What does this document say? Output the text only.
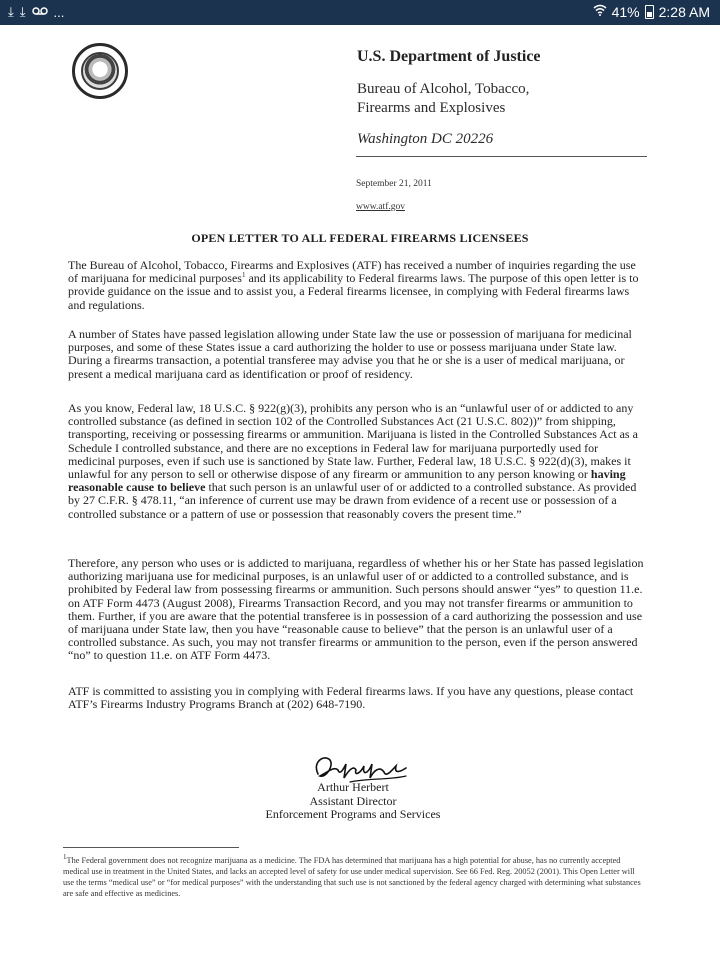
⤓ ⤓ ...	41% 2:28 AM
U.S. Department of Justice
Bureau of Alcohol, Tobacco,
Firearms and Explosives
Washington DC 20226
September 21, 2011
www.atf.gov
OPEN LETTER TO ALL FEDERAL FIREARMS LICENSEES

The Bureau of Alcohol, Tobacco, Firearms and Explosives (ATF) has received a number of inquiries regarding the use of marijuana for medicinal purposes$^1$ and its applicability to Federal firearms laws. The purpose of this open letter is to provide guidance on the issue and to assist you, a Federal firearms licensee, in complying with Federal firearms laws and regulations.

A number of States have passed legislation allowing under State law the use or possession of marijuana for medicinal purposes, and some of these States issue a card authorizing the holder to use or possess marijuana under State law. During a firearms transaction, a potential transferee may advise you that he or she is a user of medical marijuana, or present a medical marijuana card as identification or proof of residency.

As you know, Federal law, 18 U.S.C. § 922(g)(3), prohibits any person who is an “unlawful user of or addicted to any controlled substance (as defined in section 102 of the Controlled Substances Act (21 U.S.C. 802))” from shipping, transporting, receiving or possessing firearms or ammunition. Marijuana is listed in the Controlled Substances Act as a Schedule I controlled substance, and there are no exceptions in Federal law for marijuana purportedly used for medicinal purposes, even if such use is sanctioned by State law. Further, Federal law, 18 U.S.C. § 922(d)(3), makes it unlawful for any person to sell or otherwise dispose of any firearm or ammunition to any person knowing or having reasonable cause to believe that such person is an unlawful user of or addicted to a controlled substance. As provided by 27 C.F.R. § 478.11, “an inference of current use may be drawn from evidence of a recent use or possession of a controlled substance or a pattern of use or possession that reasonably covers the present time.”

Therefore, any person who uses or is addicted to marijuana, regardless of whether his or her State has passed legislation authorizing marijuana use for medicinal purposes, is an unlawful user of or addicted to a controlled substance, and is prohibited by Federal law from possessing firearms or ammunition. Such persons should answer “yes” to question 11.e. on ATF Form 4473 (August 2008), Firearms Transaction Record, and you may not transfer firearms or ammunition to them. Further, if you are aware that the potential transferee is in possession of a card authorizing the possession and use of marijuana under State law, then you have “reasonable cause to believe” that the person is an unlawful user of a controlled substance. As such, you may not transfer firearms or ammunition to the person, even if the person answered “no” to question 11.e. on ATF Form 4473.

ATF is committed to assisting you in complying with Federal firearms laws. If you have any questions, please contact ATF’s Firearms Industry Programs Branch at (202) 648-7190.

Arthur Herbert
Assistant Director
Enforcement Programs and Services

$^1$The Federal government does not recognize marijuana as a medicine. The FDA has determined that marijuana has a high potential for abuse, has no currently accepted medical use in treatment in the United States, and lacks an accepted level of safety for use under medical supervision. See 66 Fed. Reg. 20052 (2001). This Open Letter will use the terms “medical use” or “for medical purposes” with the understanding that such use is not sanctioned by the federal agency charged with determining what substances are safe and effective as medicines.
